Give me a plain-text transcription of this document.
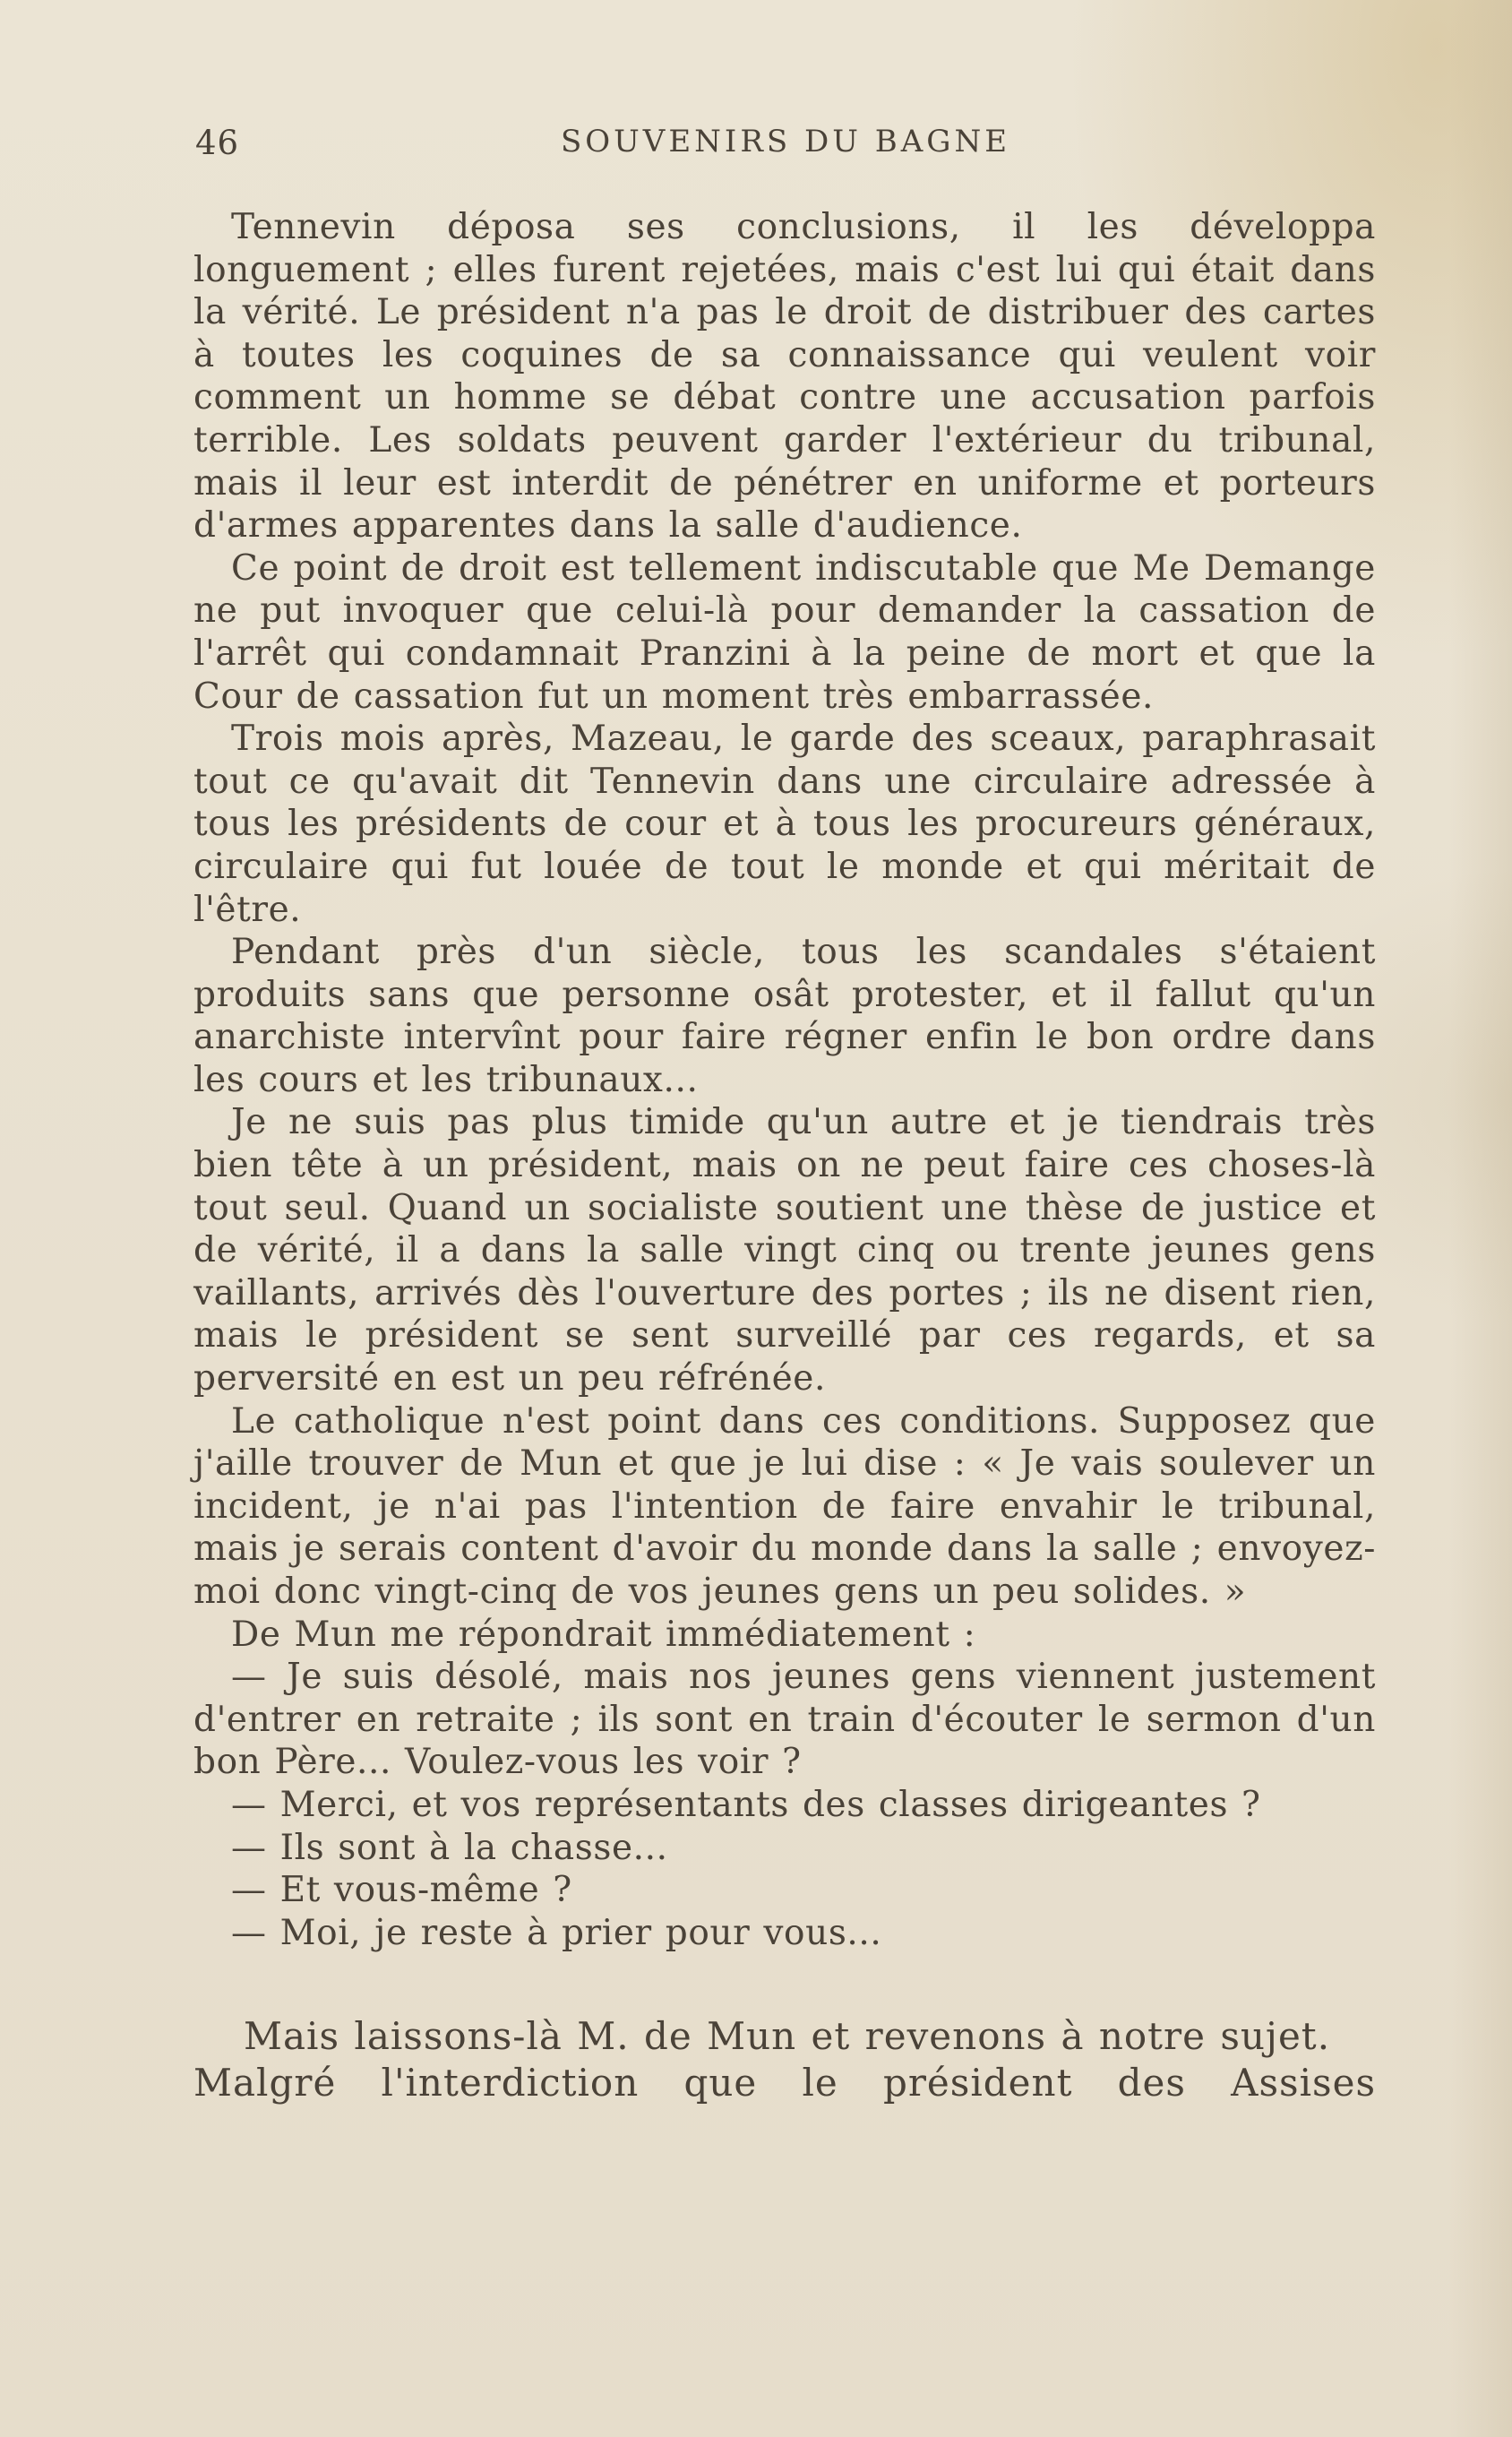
46	SOUVENIRS DU BAGNE

Tennevin déposa ses conclusions, il les développa longuement ; elles furent rejetées, mais c'est lui qui était dans la vérité. Le président n'a pas le droit de distribuer des cartes à toutes les coquines de sa connaissance qui veulent voir comment un homme se débat contre une accusation parfois terrible. Les soldats peuvent garder l'extérieur du tribunal, mais il leur est interdit de pénétrer en uniforme et porteurs d'armes apparentes dans la salle d'audience.

Ce point de droit est tellement indiscutable que Me Demange ne put invoquer que celui-là pour demander la cassation de l'arrêt qui condamnait Pranzini à la peine de mort et que la Cour de cassation fut un moment très embarrassée.

Trois mois après, Mazeau, le garde des sceaux, paraphrasait tout ce qu'avait dit Tennevin dans une circulaire adressée à tous les présidents de cour et à tous les procureurs généraux, circulaire qui fut louée de tout le monde et qui méritait de l'être.

Pendant près d'un siècle, tous les scandales s'étaient produits sans que personne osât protester, et il fallut qu'un anarchiste intervînt pour faire régner enfin le bon ordre dans les cours et les tribunaux...

Je ne suis pas plus timide qu'un autre et je tiendrais très bien tête à un président, mais on ne peut faire ces choses-là tout seul. Quand un socialiste soutient une thèse de justice et de vérité, il a dans la salle vingt cinq ou trente jeunes gens vaillants, arrivés dès l'ouverture des portes ; ils ne disent rien, mais le président se sent surveillé par ces regards, et sa perversité en est un peu réfrénée.

Le catholique n'est point dans ces conditions. Supposez que j'aille trouver de Mun et que je lui dise : « Je vais soulever un incident, je n'ai pas l'intention de faire envahir le tribunal, mais je serais content d'avoir du monde dans la salle ; envoyez-moi donc vingt-cinq de vos jeunes gens un peu solides. »

De Mun me répondrait immédiatement :

— Je suis désolé, mais nos jeunes gens viennent justement d'entrer en retraite ; ils sont en train d'écouter le sermon d'un bon Père... Voulez-vous les voir ?

— Merci, et vos représentants des classes dirigeantes ?

— Ils sont à la chasse...

— Et vous-même ?

— Moi, je reste à prier pour vous...

Mais laissons-là M. de Mun et revenons à notre sujet.

Malgré l'interdiction que le président des Assises
